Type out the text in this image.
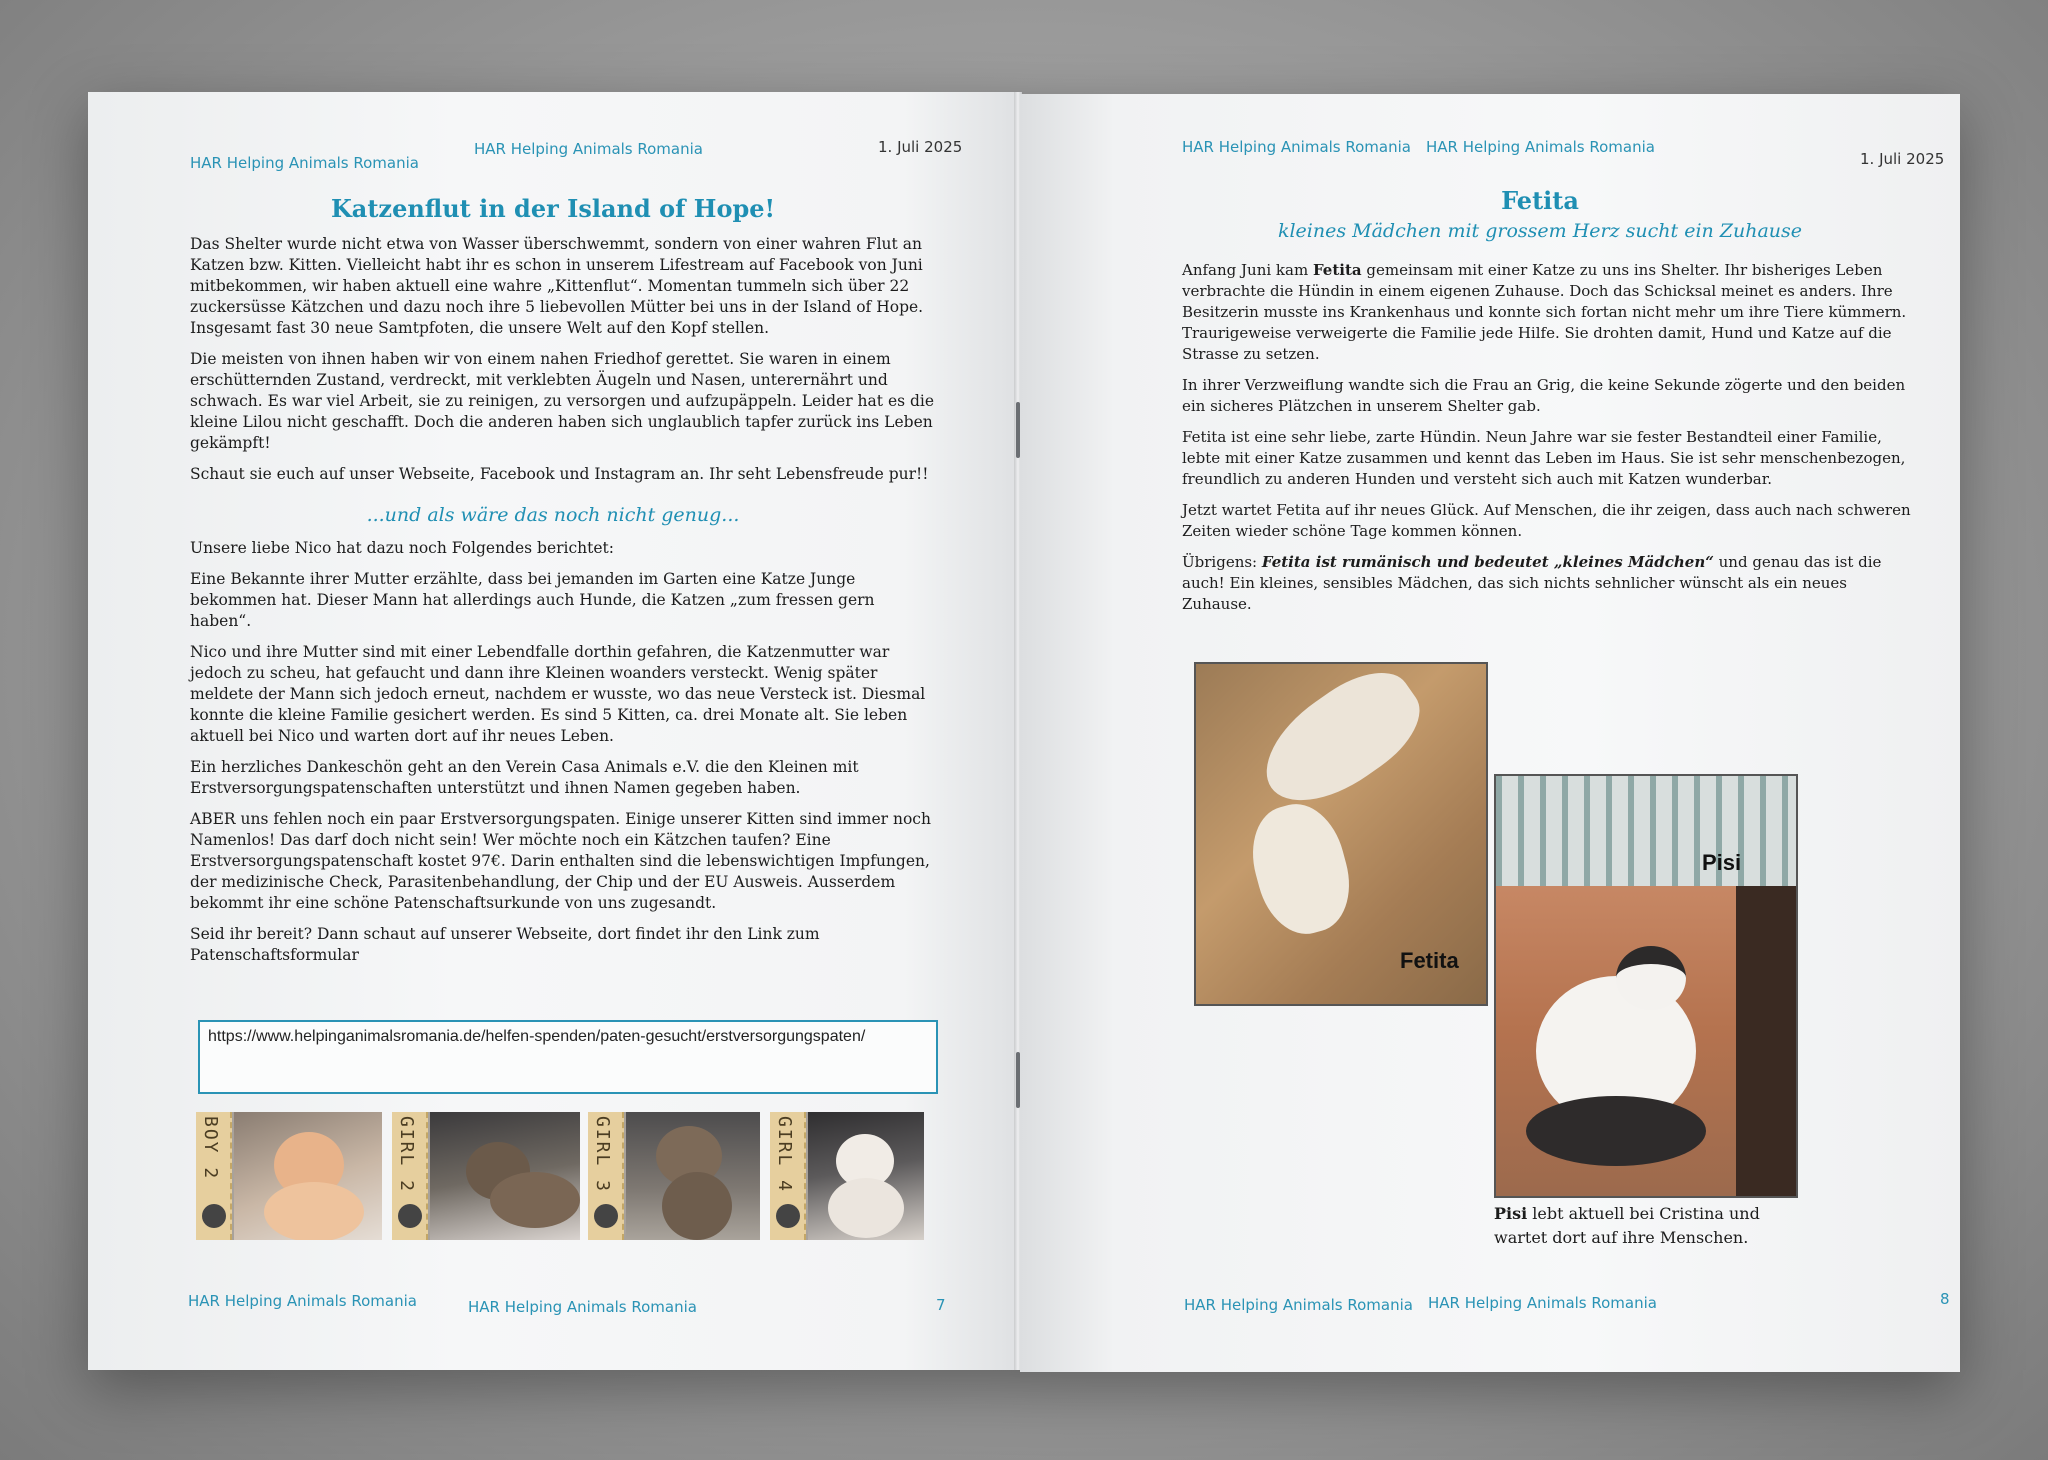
HAR Helping Animals Romania
HAR Helping Animals Romania	1. Juli 2025
Katzenflut in der Island of Hope!

Das Shelter wurde nicht etwa von Wasser überschwemmt, sondern von einer wahren Flut an Katzen bzw. Kitten. Vielleicht habt ihr es schon in unserem Lifestream auf Facebook von Juni mitbekommen, wir haben aktuell eine wahre „Kittenflut“. Momentan tummeln sich über 22 zuckersüsse Kätzchen und dazu noch ihre 5 liebevollen Mütter bei uns in der Island of Hope. Insgesamt fast 30 neue Samtpfoten, die unsere Welt auf den Kopf stellen.

Die meisten von ihnen haben wir von einem nahen Friedhof gerettet. Sie waren in einem erschütternden Zustand, verdreckt, mit verklebten Äugeln und Nasen, unterernährt und schwach. Es war viel Arbeit, sie zu reinigen, zu versorgen und aufzupäppeln. Leider hat es die kleine Lilou nicht geschafft. Doch die anderen haben sich unglaublich tapfer zurück ins Leben gekämpft!

Schaut sie euch auf unser Webseite, Facebook und Instagram an. Ihr seht Lebensfreude pur!!

...und als wäre das noch nicht genug...

Unsere liebe Nico hat dazu noch Folgendes berichtet:

Eine Bekannte ihrer Mutter erzählte, dass bei jemanden im Garten eine Katze Junge bekommen hat. Dieser Mann hat allerdings auch Hunde, die Katzen „zum fressen gern haben“.

Nico und ihre Mutter sind mit einer Lebendfalle dorthin gefahren, die Katzenmutter war jedoch zu scheu, hat gefaucht und dann ihre Kleinen woanders versteckt. Wenig später meldete der Mann sich jedoch erneut, nachdem er wusste, wo das neue Versteck ist. Diesmal konnte die kleine Familie gesichert werden. Es sind 5 Kitten, ca. drei Monate alt. Sie leben aktuell bei Nico und warten dort auf ihr neues Leben.

Ein herzliches Dankeschön geht an den Verein Casa Animals e.V. die den Kleinen mit Erstversorgungspatenschaften unterstützt und ihnen Namen gegeben haben.

ABER uns fehlen noch ein paar Erstversorgungspaten. Einige unserer Kitten sind immer noch Namenlos! Das darf doch nicht sein! Wer möchte noch ein Kätzchen taufen? Eine Erstversorgungspatenschaft kostet 97€. Darin enthalten sind die lebenswichtigen Impfungen, der medizinische Check, Parasitenbehandlung, der Chip und der EU Ausweis. Ausserdem bekommt ihr eine schöne Patenschaftsurkunde von uns zugesandt.

Seid ihr bereit? Dann schaut auf unserer Webseite, dort findet ihr den Link zum Patenschaftsformular

https://www.helpinganimalsromania.de/helfen-spenden/paten-gesucht/erstversorgungspaten/
BOY 2	GIRL 2	GIRL 3	GIRL 4
HAR Helping Animals Romania	HAR Helping Animals Romania	7
HAR Helping Animals Romania HAR Helping Animals Romania
1. Juli 2025
Fetita
kleines Mädchen mit grossem Herz sucht ein Zuhause

Anfang Juni kam Fetita gemeinsam mit einer Katze zu uns ins Shelter. Ihr bisheriges Leben verbrachte die Hündin in einem eigenen Zuhause. Doch das Schicksal meinet es anders. Ihre Besitzerin musste ins Krankenhaus und konnte sich fortan nicht mehr um ihre Tiere kümmern. Traurigeweise verweigerte die Familie jede Hilfe. Sie drohten damit, Hund und Katze auf die Strasse zu setzen.

In ihrer Verzweiflung wandte sich die Frau an Grig, die keine Sekunde zögerte und den beiden ein sicheres Plätzchen in unserem Shelter gab.

Fetita ist eine sehr liebe, zarte Hündin. Neun Jahre war sie fester Bestandteil einer Familie, lebte mit einer Katze zusammen und kennt das Leben im Haus. Sie ist sehr menschenbezogen, freundlich zu anderen Hunden und versteht sich auch mit Katzen wunderbar.

Jetzt wartet Fetita auf ihr neues Glück. Auf Menschen, die ihr zeigen, dass auch nach schweren Zeiten wieder schöne Tage kommen können.

Übrigens: Fetita ist rumänisch und bedeutet „kleines Mädchen“ und genau das ist die auch! Ein kleines, sensibles Mädchen, das sich nichts sehnlicher wünscht als ein neues Zuhause.

Fetita
Pisi
Pisi lebt aktuell bei Cristina und wartet dort auf ihre Menschen.
HAR Helping Animals Romania HAR Helping Animals Romania	8
